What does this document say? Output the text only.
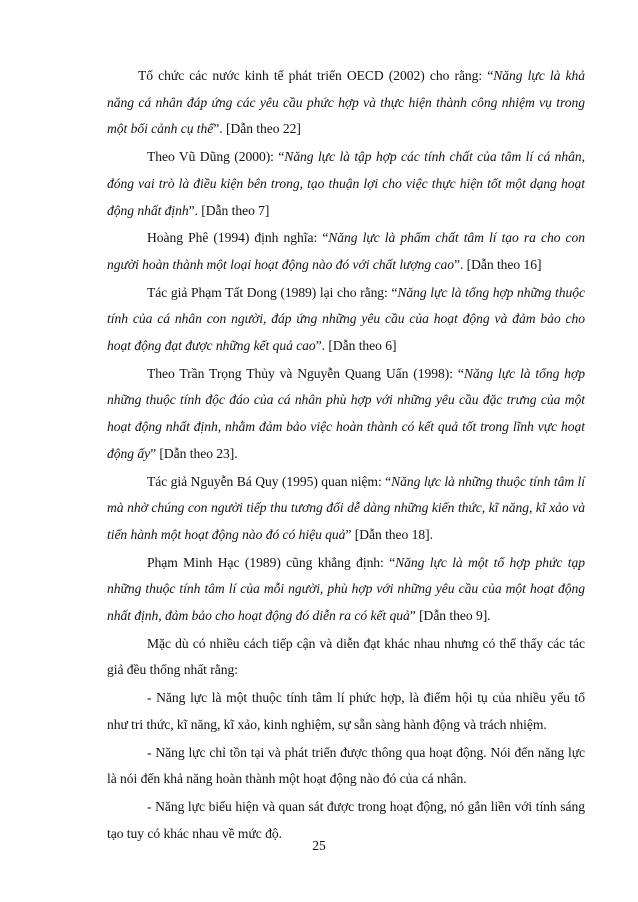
Tổ chức các nước kinh tế phát triển OECD (2002) cho rằng: “Năng lực là khả năng cá nhân đáp ứng các yêu cầu phức hợp và thực hiện thành công nhiệm vụ trong một bối cảnh cụ thể”. [Dẫn theo 22]

Theo Vũ Dũng (2000): “Năng lực là tập hợp các tính chất của tâm lí cá nhân, đóng vai trò là điều kiện bên trong, tạo thuận lợi cho việc thực hiện tốt một dạng hoạt động nhất định”. [Dẫn theo 7]

Hoàng Phê (1994) định nghĩa: “Năng lực là phẩm chất tâm lí tạo ra cho con người hoàn thành một loại hoạt động nào đó với chất lượng cao”. [Dẫn theo 16]

Tác giả Phạm Tất Dong (1989) lại cho rằng: “Năng lực là tổng hợp những thuộc tính của cá nhân con người, đáp ứng những yêu cầu của hoạt động và đảm bảo cho hoạt động đạt được những kết quả cao”. [Dẫn theo 6]

Theo Trần Trọng Thủy và Nguyễn Quang Uẩn (1998): “Năng lực là tổng hợp những thuộc tính độc đáo của cá nhân phù hợp với những yêu cầu đặc trưng của một hoạt động nhất định, nhằm đảm bảo việc hoàn thành có kết quả tốt trong lĩnh vực hoạt động ấy” [Dẫn theo 23].

Tác giả Nguyễn Bá Quy (1995) quan niệm: “Năng lực là những thuộc tính tâm lí mà nhờ chúng con người tiếp thu tương đối dễ dàng những kiến thức, kĩ năng, kĩ xảo và tiến hành một hoạt động nào đó có hiệu quả” [Dẫn theo 18].

Phạm Minh Hạc (1989) cũng khẳng định: “Năng lực là một tổ hợp phức tạp những thuộc tính tâm lí của mỗi người, phù hợp với những yêu cầu của một hoạt động nhất định, đảm bảo cho hoạt động đó diễn ra có kết quả” [Dẫn theo 9].

Mặc dù có nhiều cách tiếp cận và diễn đạt khác nhau nhưng có thể thấy các tác giả đều thống nhất rằng:

- Năng lực là một thuộc tính tâm lí phức hợp, là điểm hội tụ của nhiều yếu tố như tri thức, kĩ năng, kĩ xảo, kinh nghiệm, sự sẵn sàng hành động và trách nhiệm.

- Năng lực chỉ tồn tại và phát triển được thông qua hoạt động. Nói đến năng lực là nói đến khả năng hoàn thành một hoạt động nào đó của cá nhân.

- Năng lực biểu hiện và quan sát được trong hoạt động, nó gắn liền với tính sáng tạo tuy có khác nhau về mức độ.

25
